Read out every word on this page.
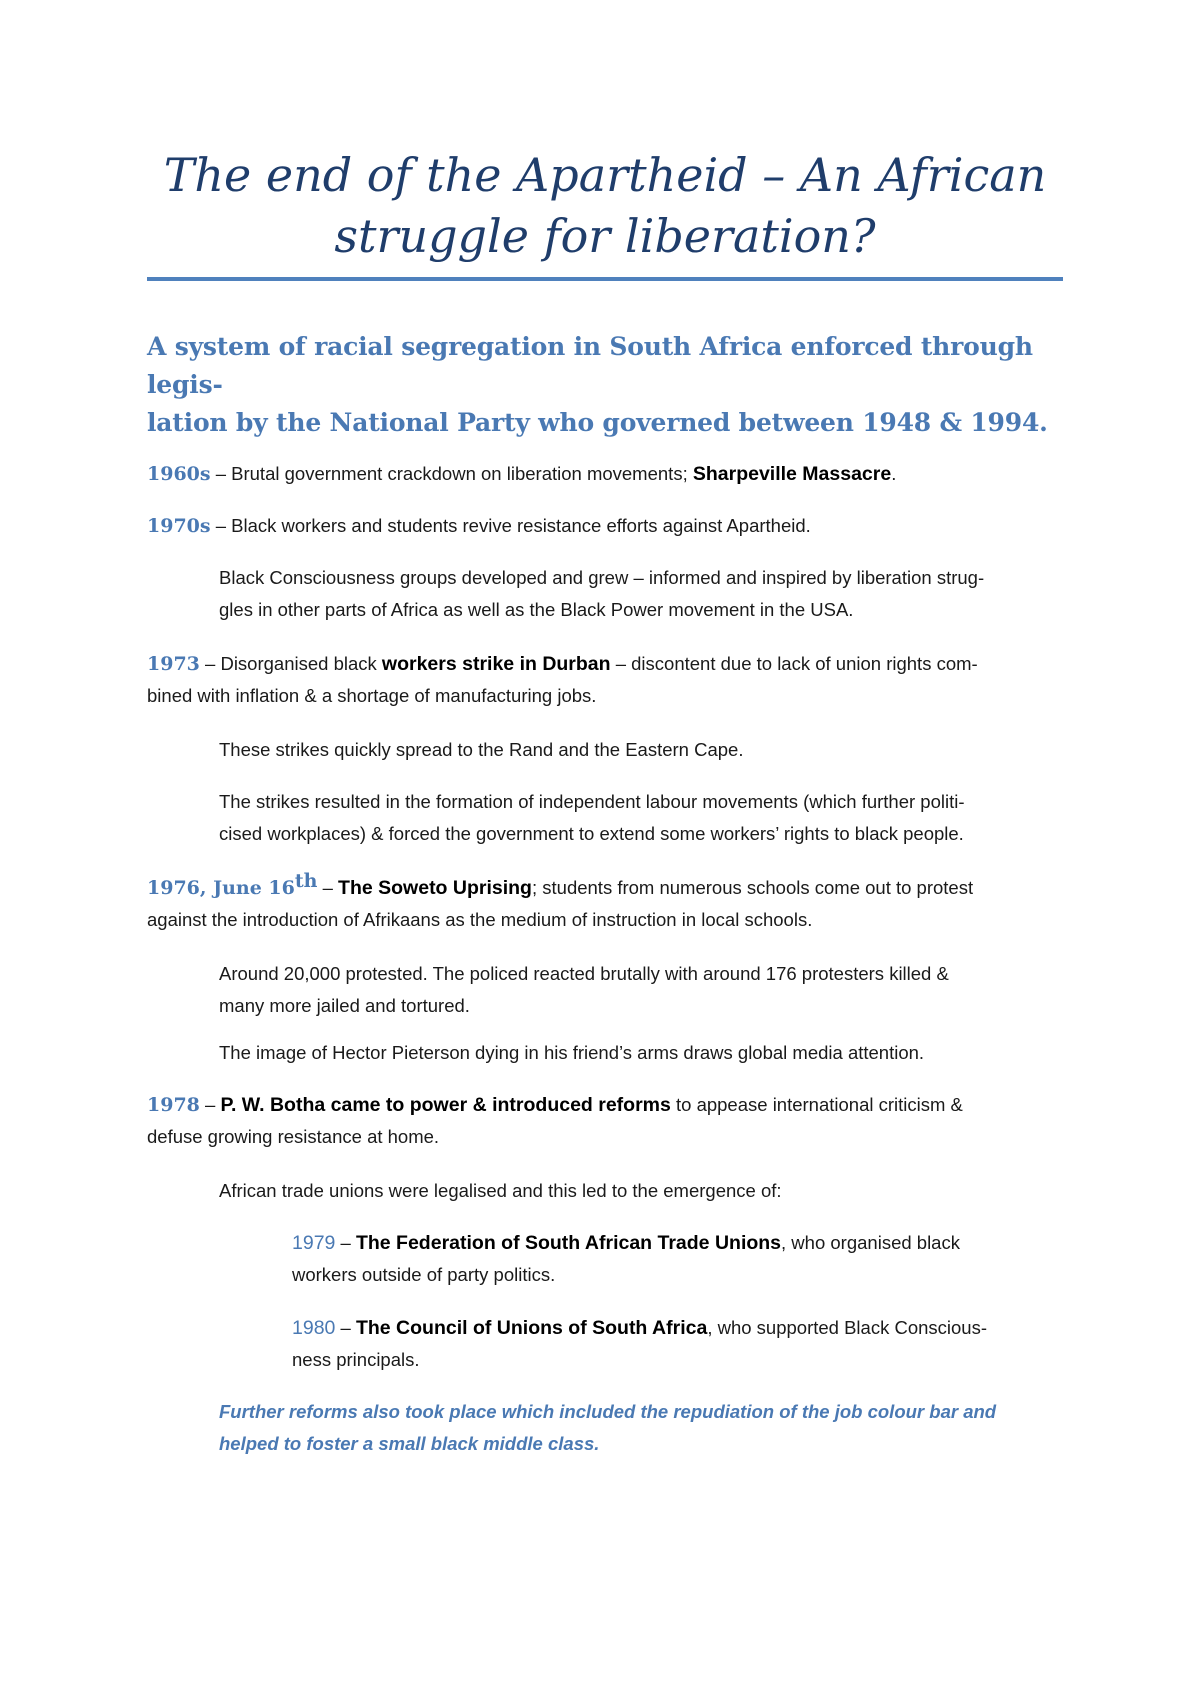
The end of the Apartheid – An African
struggle for liberation?
A system of racial segregation in South Africa enforced through legis-
lation by the National Party who governed between 1948 & 1994.
1960s – Brutal government crackdown on liberation movements; Sharpeville Massacre.
1970s – Black workers and students revive resistance efforts against Apartheid.
Black Consciousness groups developed and grew – informed and inspired by liberation strug-
gles in other parts of Africa as well as the Black Power movement in the USA.
1973 – Disorganised black workers strike in Durban – discontent due to lack of union rights com-
bined with inflation & a shortage of manufacturing jobs.
These strikes quickly spread to the Rand and the Eastern Cape.
The strikes resulted in the formation of independent labour movements (which further politi-
cised workplaces) & forced the government to extend some workers’ rights to black people.
1976, June 16th – The Soweto Uprising; students from numerous schools come out to protest
against the introduction of Afrikaans as the medium of instruction in local schools.
Around 20,000 protested. The policed reacted brutally with around 176 protesters killed &
many more jailed and tortured.
The image of Hector Pieterson dying in his friend’s arms draws global media attention.
1978 – P. W. Botha came to power & introduced reforms to appease international criticism &
defuse growing resistance at home.
African trade unions were legalised and this led to the emergence of:
1979 – The Federation of South African Trade Unions, who organised black
workers outside of party politics.
1980 – The Council of Unions of South Africa, who supported Black Conscious-
ness principals.
Further reforms also took place which included the repudiation of the job colour bar and
helped to foster a small black middle class.
